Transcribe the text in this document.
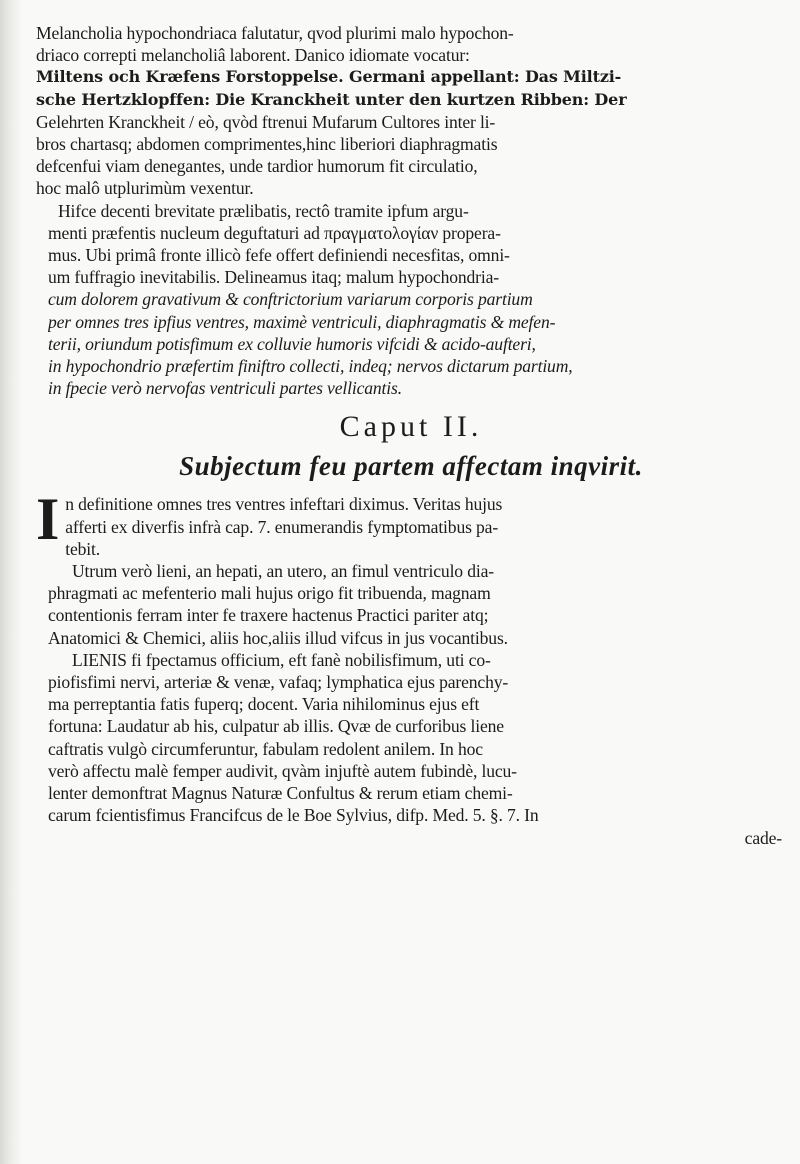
Melancholia hypochondriaca falutatur, qvod plurimi malo hypochon-
driaco correpti melancholiâ laborent. Danico idiomate vocatur:
Miltens och Kræfens Forstoppelse. Germani appellant: Das Miltzi-
sche Hertzklopffen: Die Kranckheit unter den kurtzen Ribben: Der
Gelehrten Kranckheit / eò, qvòd ftrenui Mufarum Cultores inter li-
bros chartasq; abdomen comprimentes,hinc liberiori diaphragmatis
defcenfui viam denegantes, unde tardior humorum fit circulatio,
hoc malô utplurimùm vexentur.
Hifce decenti brevitate prælibatis, rectô tramite ipfum argu-
menti præfentis nucleum deguftaturi ad πραγματολογίαν propera-
mus. Ubi primâ fronte illicò fefe offert definiendi necesfitas, omni-
um fuffragio inevitabilis. Delineamus itaq; malum hypochondria-
cum dolorem gravativum & conftrictorium variarum corporis partium
per omnes tres ipfius ventres, maximè ventriculi, diaphragmatis & mefen-
terii, oriundum potisfimum ex colluvie humoris vifcidi & acido-aufteri,
in hypochondrio præfertim finiftro collecti, indeq; nervos dictarum partium,
in fpecie verò nervofas ventriculi partes vellicantis.
Caput II.
Subjectum feu partem affectam inqvirit.
I n definitione omnes tres ventres infeftari diximus. Veritas hujus
afferti ex diverfis infrà cap. 7. enumerandis fymptomatibus pa-
tebit.
Utrum verò lieni, an hepati, an utero, an fimul ventriculo dia-
phragmati ac mefenterio mali hujus origo fit tribuenda, magnam
contentionis ferram inter fe traxere hactenus Practici pariter atq;
Anatomici & Chemici, aliis hoc,aliis illud vifcus in jus vocantibus.
LIENIS fi fpectamus officium, eft fanè nobilisfimum, uti co-
piofisfimi nervi, arteriæ & venæ, vafaq; lymphatica ejus parenchy-
ma perreptantia fatis fuperq; docent. Varia nihilominus ejus eft
fortuna: Laudatur ab his, culpatur ab illis. Qvæ de curforibus liene
caftratis vulgò circumferuntur, fabulam redolent anilem. In hoc
verò affectu malè femper audivit, qvàm injuftè autem fubindè, lucu-
lenter demonftrat Magnus Naturæ Confultus & rerum etiam chemi-
carum fcientisfimus Francifcus de le Boe Sylvius, difp. Med. 5. §. 7. In
cade-
